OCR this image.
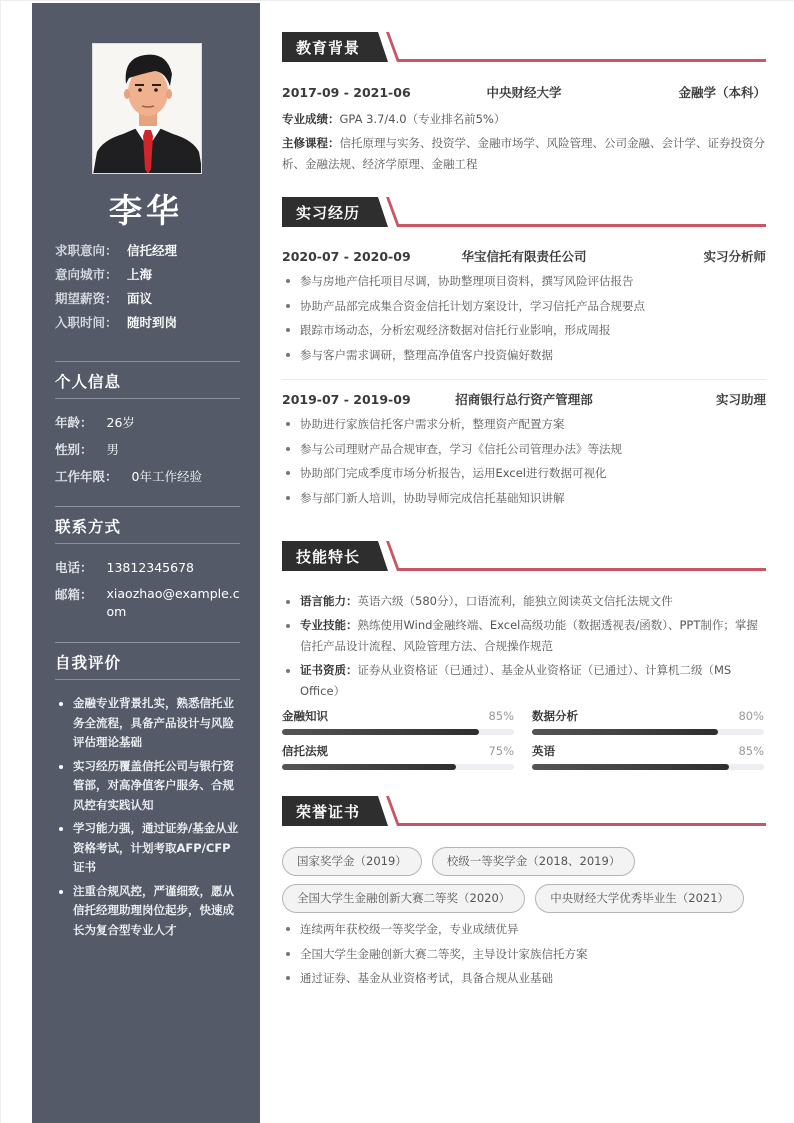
李华
求职意向： 信托经理
意向城市： 上海
期望薪资： 面议
入职时间： 随时到岗
个人信息
年龄： 26岁
性别： 男
工作年限： 0年工作经验
联系方式
电话： 13812345678
邮箱： xiaozhao@example.com
自我评价
金融专业背景扎实，熟悉信托业务全流程，具备产品设计与风险评估理论基础
实习经历覆盖信托公司与银行资管部，对高净值客户服务、合规风控有实践认知
学习能力强，通过证券/基金从业资格考试，计划考取AFP/CFP证书
注重合规风控，严谨细致，愿从信托经理助理岗位起步，快速成长为复合型专业人才
教育背景
2017-09 - 2021-06	中央财经大学	金融学（本科）
专业成绩：GPA 3.7/4.0（专业排名前5%）
主修课程：信托原理与实务、投资学、金融市场学、风险管理、公司金融、会计学、证券投资分析、金融法规、经济学原理、金融工程
实习经历
2020-07 - 2020-09	华宝信托有限责任公司	实习分析师
参与房地产信托项目尽调，协助整理项目资料，撰写风险评估报告
协助产品部完成集合资金信托计划方案设计，学习信托产品合规要点
跟踪市场动态，分析宏观经济数据对信托行业影响，形成周报
参与客户需求调研，整理高净值客户投资偏好数据
2019-07 - 2019-09	招商银行总行资产管理部	实习助理
协助进行家族信托客户需求分析，整理资产配置方案
参与公司理财产品合规审查，学习《信托公司管理办法》等法规
协助部门完成季度市场分析报告，运用Excel进行数据可视化
参与部门新人培训，协助导师完成信托基础知识讲解
技能特长
语言能力：英语六级（580分），口语流利，能独立阅读英文信托法规文件
专业技能：熟练使用Wind金融终端、Excel高级功能（数据透视表/函数）、PPT制作；掌握信托产品设计流程、风险管理方法、合规操作规范
证书资质：证券从业资格证（已通过）、基金从业资格证（已通过）、计算机二级（MS Office）
金融知识	85% 数据分析	80%
信托法规	75% 英语	85%
荣誉证书
国家奖学金（2019）	校级一等奖学金（2018、2019）
全国大学生金融创新大赛二等奖（2020）	中央财经大学优秀毕业生（2021）
连续两年获校级一等奖学金，专业成绩优异
全国大学生金融创新大赛二等奖，主导设计家族信托方案
通过证券、基金从业资格考试，具备合规从业基础
